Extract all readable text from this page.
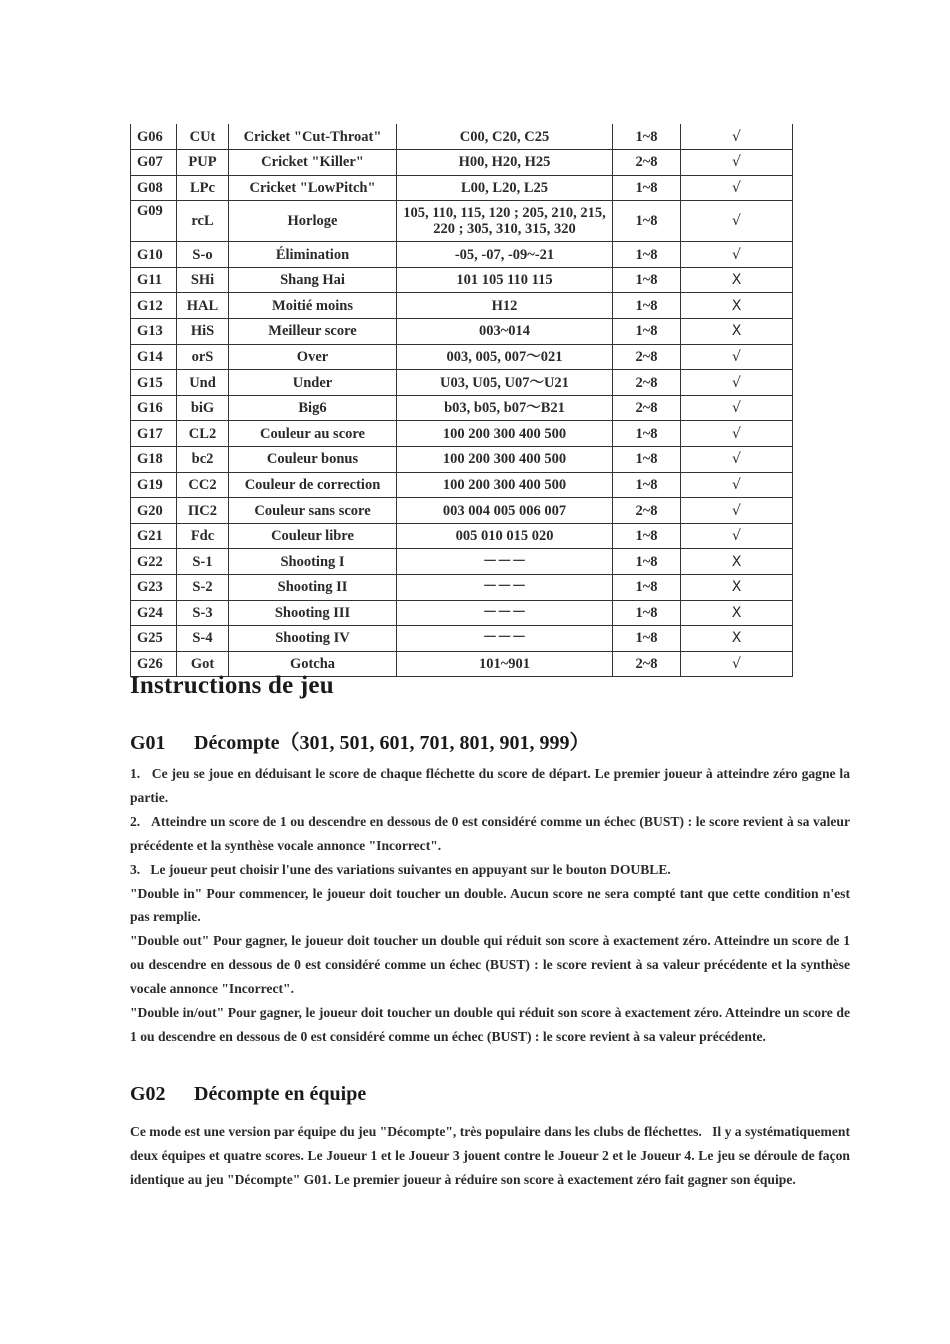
G06	CUt	Cricket "Cut-Throat"	C00, C20, C25	1~8	√
G07	PUP	Cricket "Killer"	H00, H20, H25	2~8	√
G08	LPc	Cricket "LowPitch"	L00, L20, L25	1~8	√
G09	rcL	Horloge	105, 110, 115, 120 ; 205, 210, 215, 220 ; 305, 310, 315, 320	1~8	√
G10	S-o	Élimination	-05, -07, -09~-21	1~8	√
G11	SHi	Shang Hai	101 105 110 115	1~8	X
G12	HAL	Moitié moins	H12	1~8	X
G13	HiS	Meilleur score	003~014	1~8	X
G14	orS	Over	003, 005, 007～021	2~8	√
G15	Und	Under	U03, U05, U07～U21	2~8	√
G16	biG	Big6	b03, b05, b07～B21	2~8	√
G17	CL2	Couleur au score	100 200 300 400 500	1~8	√
G18	bc2	Couleur bonus	100 200 300 400 500	1~8	√
G19	CC2	Couleur de correction	100 200 300 400 500	1~8	√
G20	ПC2	Couleur sans score	003 004 005 006 007	2~8	√
G21	Fdc	Couleur libre	005 010 015 020	1~8	√
G22	S-1	Shooting I	－－－	1~8	X
G23	S-2	Shooting II	－－－	1~8	X
G24	S-3	Shooting III	－－－	1~8	X
G25	S-4	Shooting IV	－－－	1~8	X
G26	Got	Gotcha	101~901	2~8	√
Instructions de jeu
G01 Décompte（301, 501, 601, 701, 801, 901, 999）

1.   Ce jeu se joue en déduisant le score de chaque fléchette du score de départ. Le premier joueur à atteindre zéro gagne la partie.

2.   Atteindre un score de 1 ou descendre en dessous de 0 est considéré comme un échec (BUST) : le score revient à sa valeur précédente et la synthèse vocale annonce "Incorrect".

3.   Le joueur peut choisir l'une des variations suivantes en appuyant sur le bouton DOUBLE.

"Double in" Pour commencer, le joueur doit toucher un double. Aucun score ne sera compté tant que cette condition n'est pas remplie.

"Double out" Pour gagner, le joueur doit toucher un double qui réduit son score à exactement zéro. Atteindre un score de 1 ou descendre en dessous de 0 est considéré comme un échec (BUST) : le score revient à sa valeur précédente et la synthèse vocale annonce "Incorrect".

"Double in/out" Pour gagner, le joueur doit toucher un double qui réduit son score à exactement zéro. Atteindre un score de 1 ou descendre en dessous de 0 est considéré comme un échec (BUST) : le score revient à sa valeur précédente.

G02 Décompte en équipe

Ce mode est une version par équipe du jeu "Décompte", très populaire dans les clubs de fléchettes.   Il y a systématiquement deux équipes et quatre scores. Le Joueur 1 et le Joueur 3 jouent contre le Joueur 2 et le Joueur 4. Le jeu se déroule de façon identique au jeu "Décompte" G01. Le premier joueur à réduire son score à exactement zéro fait gagner son équipe.
